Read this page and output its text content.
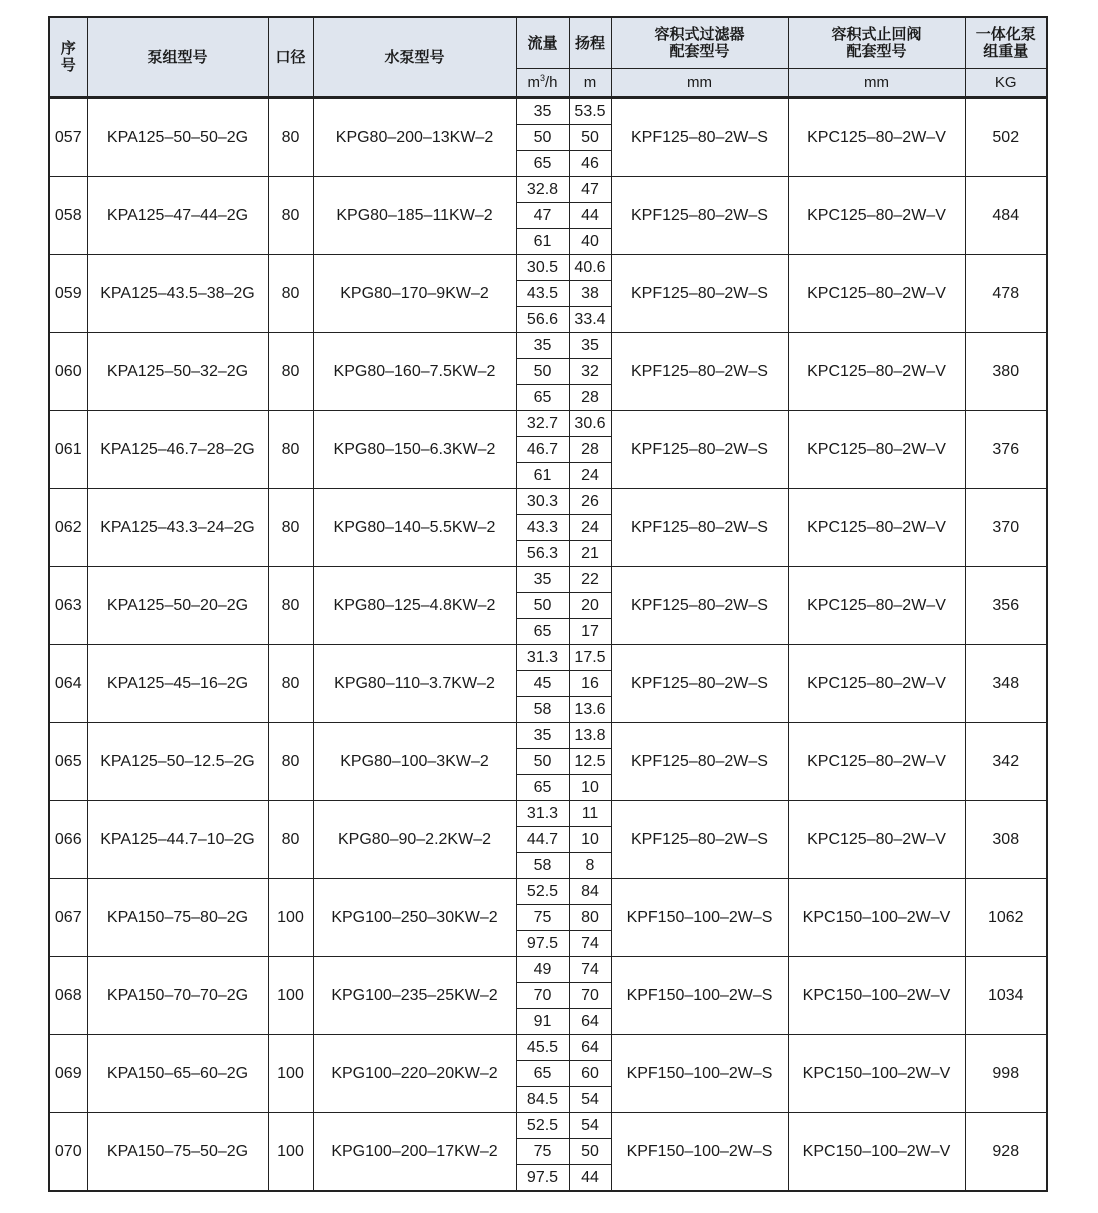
序号	泵组型号	口径	水泵型号	流量	扬程	容积式过滤器配套型号	容积式止回阀配套型号	一体化泵组重量
				$m^3/h$	m	mm	mm	KG
057	KPA125–50–50–2G	80	KPG80–200–13KW–2	35	53.5	KPF125–80–2W–S	KPC125–80–2W–V	502
				50	50			
				65	46			
058	KPA125–47–44–2G	80	KPG80–185–11KW–2	32.8	47	KPF125–80–2W–S	KPC125–80–2W–V	484
				47	44			
				61	40			
059	KPA125–43.5–38–2G	80	KPG80–170–9KW–2	30.5	40.6	KPF125–80–2W–S	KPC125–80–2W–V	478
				43.5	38			
				56.6	33.4			
060	KPA125–50–32–2G	80	KPG80–160–7.5KW–2	35	35	KPF125–80–2W–S	KPC125–80–2W–V	380
				50	32			
				65	28			
061	KPA125–46.7–28–2G	80	KPG80–150–6.3KW–2	32.7	30.6	KPF125–80–2W–S	KPC125–80–2W–V	376
				46.7	28			
				61	24			
062	KPA125–43.3–24–2G	80	KPG80–140–5.5KW–2	30.3	26	KPF125–80–2W–S	KPC125–80–2W–V	370
				43.3	24			
				56.3	21			
063	KPA125–50–20–2G	80	KPG80–125–4.8KW–2	35	22	KPF125–80–2W–S	KPC125–80–2W–V	356
				50	20			
				65	17			
064	KPA125–45–16–2G	80	KPG80–110–3.7KW–2	31.3	17.5	KPF125–80–2W–S	KPC125–80–2W–V	348
				45	16			
				58	13.6			
065	KPA125–50–12.5–2G	80	KPG80–100–3KW–2	35	13.8	KPF125–80–2W–S	KPC125–80–2W–V	342
				50	12.5			
				65	10			
066	KPA125–44.7–10–2G	80	KPG80–90–2.2KW–2	31.3	11	KPF125–80–2W–S	KPC125–80–2W–V	308
				44.7	10			
				58	8			
067	KPA150–75–80–2G	100	KPG100–250–30KW–2	52.5	84	KPF150–100–2W–S	KPC150–100–2W–V	1062
				75	80			
				97.5	74			
068	KPA150–70–70–2G	100	KPG100–235–25KW–2	49	74	KPF150–100–2W–S	KPC150–100–2W–V	1034
				70	70			
				91	64			
069	KPA150–65–60–2G	100	KPG100–220–20KW–2	45.5	64	KPF150–100–2W–S	KPC150–100–2W–V	998
				65	60			
				84.5	54			
070	KPA150–75–50–2G	100	KPG100–200–17KW–2	52.5	54	KPF150–100–2W–S	KPC150–100–2W–V	928
				75	50			
				97.5	44			
